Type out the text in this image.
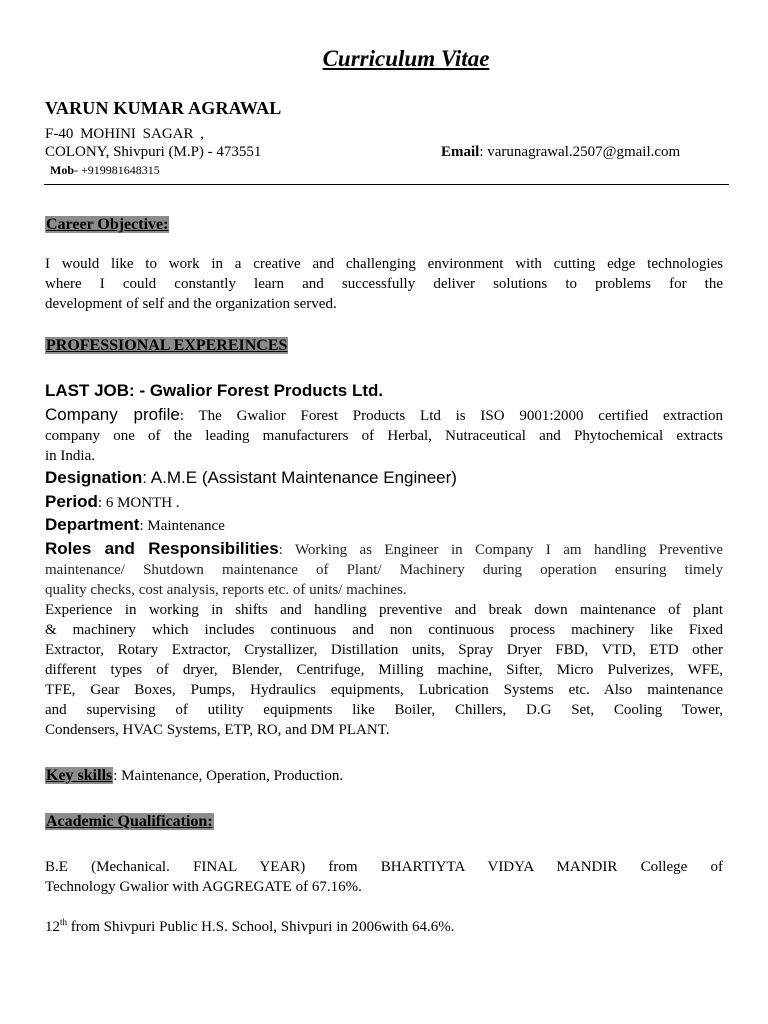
Curriculum Vitae
VARUN KUMAR AGRAWAL
F-40 MOHINI SAGAR ,
COLONY, Shivpuri (M.P) - 473551	Email: varunagrawal.2507@gmail.com
Mob- +919981648315
Career Objective:
I would like to work in a creative and challenging environment with cutting edge technologies
where I could constantly learn and successfully deliver solutions to problems for the
development of self and the organization served.
PROFESSIONAL EXPEREINCES
LAST JOB: - Gwalior Forest Products Ltd.
Company profile: The Gwalior Forest Products Ltd is ISO 9001:2000 certified extraction
company one of the leading manufacturers of Herbal, Nutraceutical and Phytochemical extracts
in India.
Designation: A.M.E (Assistant Maintenance Engineer)
Period: 6 MONTH .
Department: Maintenance
Roles and Responsibilities: Working as Engineer in Company I am handling Preventive
maintenance/ Shutdown maintenance of Plant/ Machinery during operation ensuring timely
quality checks, cost analysis, reports etc. of units/ machines.
Experience in working in shifts and handling preventive and break down maintenance of plant
& machinery which includes continuous and non continuous process machinery like Fixed
Extractor, Rotary Extractor, Crystallizer, Distillation units, Spray Dryer FBD, VTD, ETD other
different types of dryer, Blender, Centrifuge, Milling machine, Sifter, Micro Pulverizes, WFE,
TFE, Gear Boxes, Pumps, Hydraulics equipments, Lubrication Systems etc. Also maintenance
and supervising of utility equipments like Boiler, Chillers, D.G Set, Cooling Tower,
Condensers, HVAC Systems, ETP, RO, and DM PLANT.
Key skills: Maintenance, Operation, Production.
Academic Qualification:
B.E (Mechanical. FINAL YEAR) from BHARTIYTA VIDYA MANDIR College of
Technology Gwalior with AGGREGATE of 67.16%.
12th from Shivpuri Public H.S. School, Shivpuri in 2006with 64.6%.
